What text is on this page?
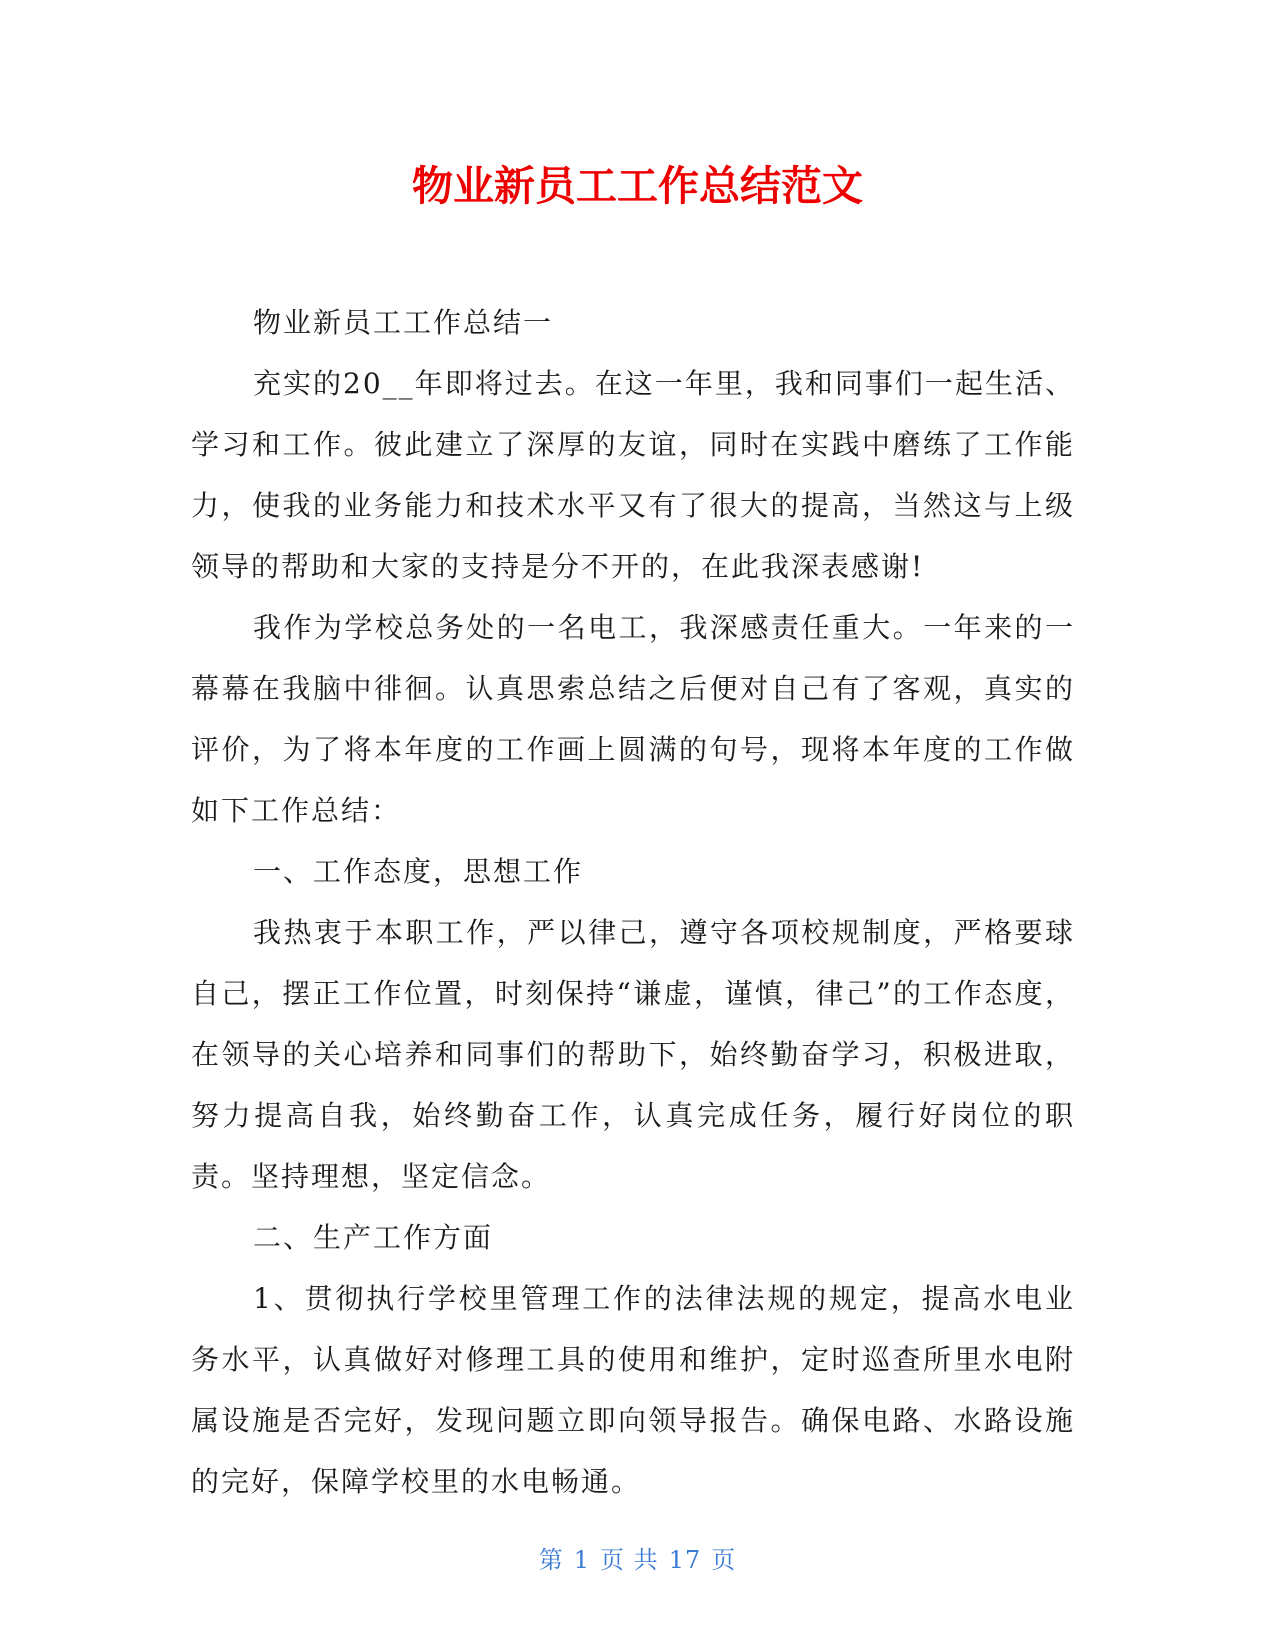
物业新员工工作总结范文

物业新员工工作总结一

充实的20__年即将过去。在这一年里，我和同事们一起生活、学习和工作。彼此建立了深厚的友谊，同时在实践中磨练了工作能力，使我的业务能力和技术水平又有了很大的提高，当然这与上级领导的帮助和大家的支持是分不开的，在此我深表感谢!

我作为学校总务处的一名电工，我深感责任重大。一年来的一幕幕在我脑中徘徊。认真思索总结之后便对自己有了客观，真实的评价，为了将本年度的工作画上圆满的句号，现将本年度的工作做如下工作总结：

一、工作态度，思想工作

我热衷于本职工作，严以律己，遵守各项校规制度，严格要球自己，摆正工作位置，时刻保持“谦虚，谨慎，律己”的工作态度，在领导的关心培养和同事们的帮助下，始终勤奋学习，积极进取，努力提高自我，始终勤奋工作，认真完成任务，履行好岗位的职责。坚持理想，坚定信念。

二、生产工作方面

1、贯彻执行学校里管理工作的法律法规的规定，提高水电业务水平，认真做好对修理工具的使用和维护，定时巡查所里水电附属设施是否完好，发现问题立即向领导报告。确保电路、水路设施的完好，保障学校里的水电畅通。

第 1 页 共 17 页
